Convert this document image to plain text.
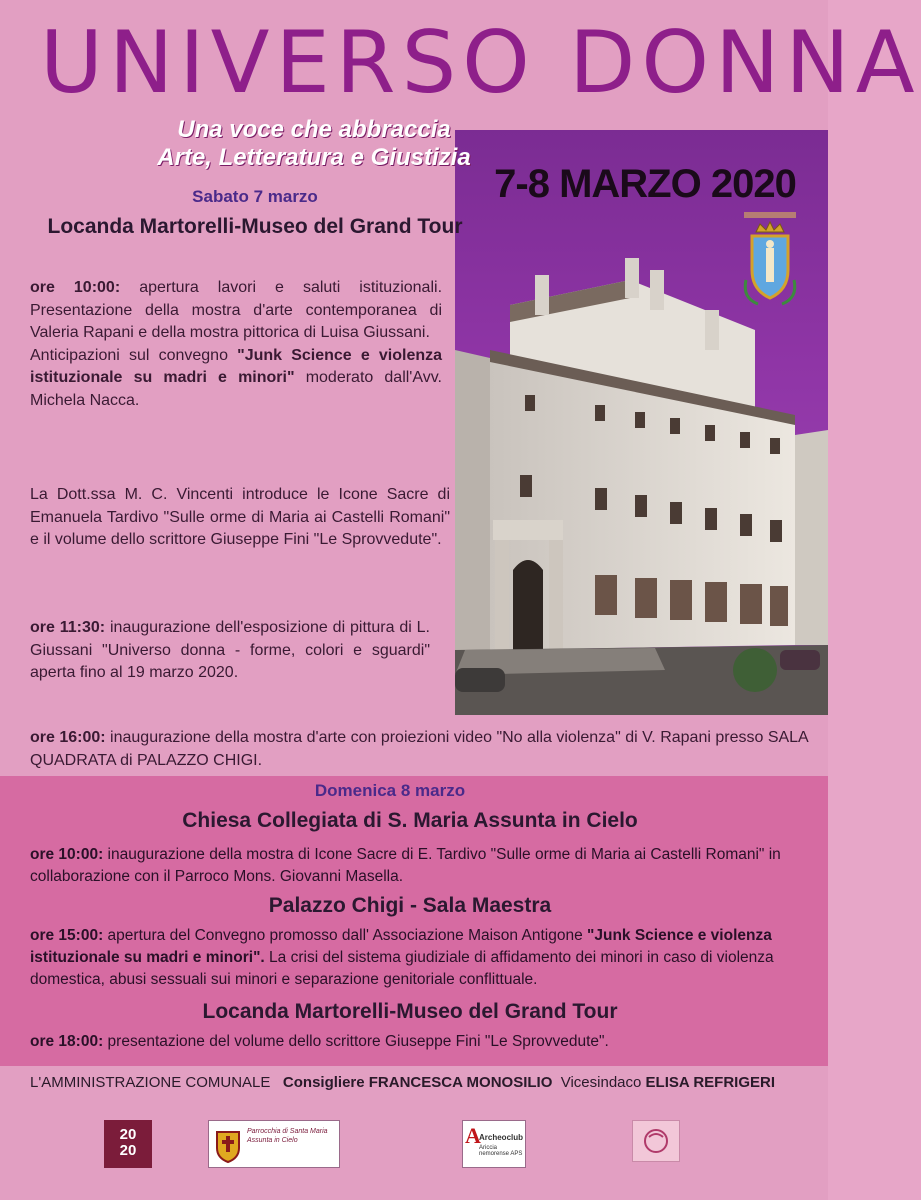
UNIVERSO DONNA
7-8 MARZO 2020
Una voce che abbraccia
Arte, Letteratura e Giustizia
Sabato 7 marzo
Locanda Martorelli-Museo del Grand Tour
ore 10:00: apertura lavori e saluti istituzionali. Presentazione della mostra d'arte contemporanea di Valeria Rapani e della mostra pittorica di Luisa Giussani.
Anticipazioni sul convegno "Junk Science e violenza istituzionale su madri e minori" moderato dall'Avv. Michela Nacca.
La Dott.ssa M. C. Vincenti introduce le Icone Sacre di Emanuela Tardivo "Sulle orme di Maria ai Castelli Romani" e il volume dello scrittore Giuseppe Fini "Le Sprovvedute".
ore 11:30: inaugurazione dell'esposizione di pittura di L. Giussani "Universo donna - forme, colori e sguardi" aperta fino al 19 marzo 2020.
ore 16:00: inaugurazione della mostra d'arte con proiezioni video "No alla violenza" di V. Rapani presso SALA QUADRATA di PALAZZO CHIGI.
Domenica 8 marzo
Chiesa Collegiata di S. Maria Assunta in Cielo
ore 10:00: inaugurazione della mostra di Icone Sacre di E. Tardivo "Sulle orme di Maria ai Castelli Romani" in collaborazione con il Parroco Mons. Giovanni Masella.
Palazzo Chigi - Sala Maestra
ore 15:00: apertura del Convegno promosso dall' Associazione Maison Antigone "Junk Science e violenza istituzionale su madri e minori". La crisi del sistema giudiziale di affidamento dei minori in caso di violenza domestica, abusi sessuali sui minori e separazione genitoriale conflittuale.
Locanda Martorelli-Museo del Grand Tour
ore 18:00: presentazione del volume dello scrittore Giuseppe Fini "Le Sprovvedute".
L'AMMINISTRAZIONE COMUNALE Consigliere FRANCESCA MONOSILIO Vicesindaco ELISA REFRIGERI
20
20
Parrocchia di Santa Maria Assunta in Cielo	A
Archeoclub
Ariccia nemorense APS
